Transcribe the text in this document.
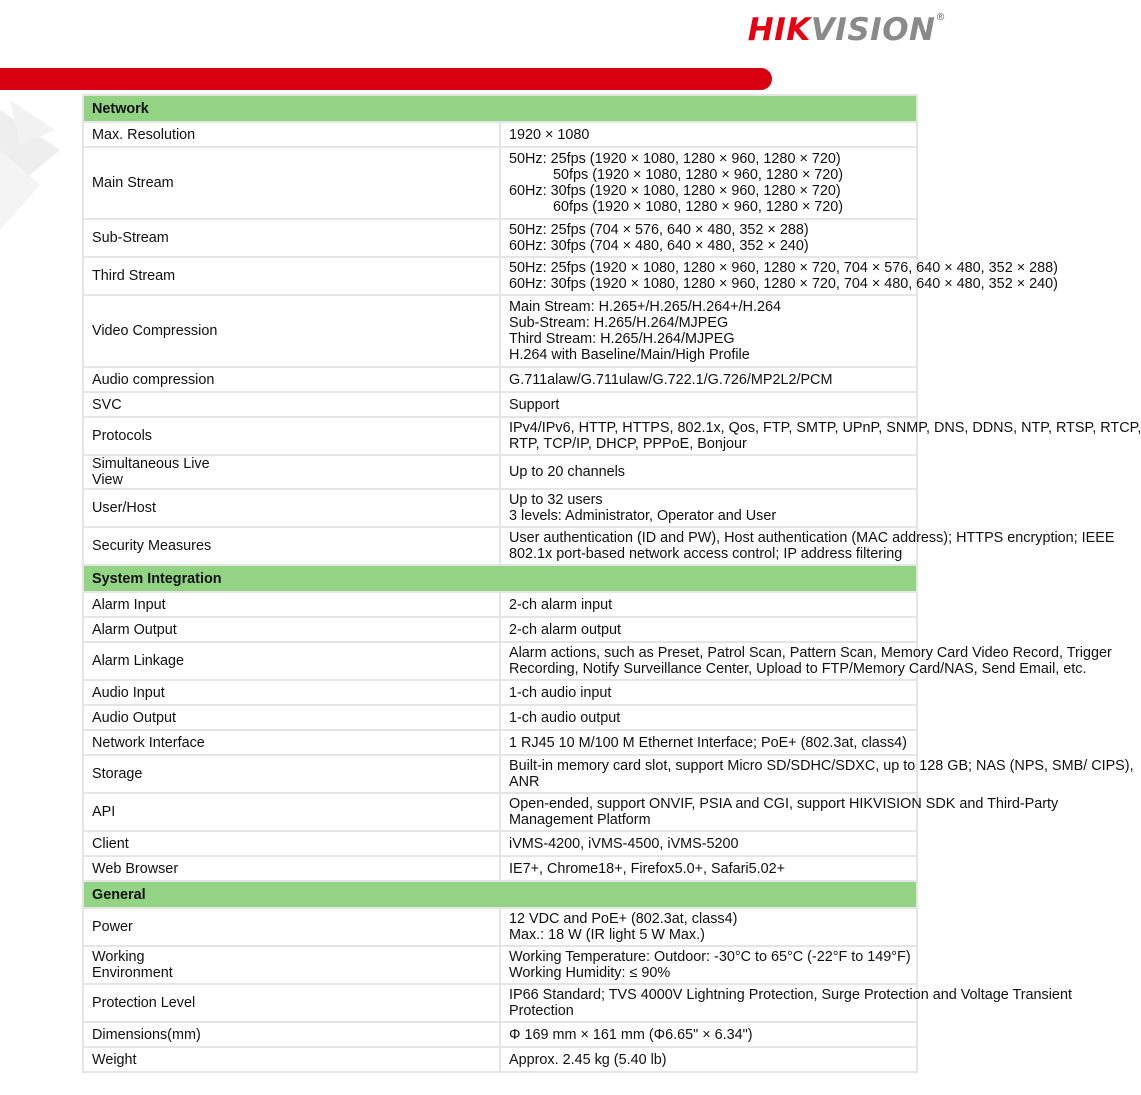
HIKVISION®
Network	
Max. Resolution	1920 × 1080

Main Stream	50Hz: 25fps (1920 × 1080, 1280 × 960, 1280 × 720)
50fps (1920 × 1080, 1280 × 960, 1280 × 720)
60Hz: 30fps (1920 × 1080, 1280 × 960, 1280 × 720)
60fps (1920 × 1080, 1280 × 960, 1280 × 720)

Sub-Stream	50Hz: 25fps (704 × 576, 640 × 480, 352 × 288)
60Hz: 30fps (704 × 480, 640 × 480, 352 × 240)

Third Stream	50Hz: 25fps (1920 × 1080, 1280 × 960, 1280 × 720, 704 × 576, 640 × 480, 352 × 288)
60Hz: 30fps (1920 × 1080, 1280 × 960, 1280 × 720, 704 × 480, 640 × 480, 352 × 240)

Video Compression	Main Stream: H.265+/H.265/H.264+/H.264
Sub-Stream: H.265/H.264/MJPEG
Third Stream: H.265/H.264/MJPEG
H.264 with Baseline/Main/High Profile

Audio compression	G.711alaw/G.711ulaw/G.722.1/G.726/MP2L2/PCM

SVC	Support

Protocols	IPv4/IPv6, HTTP, HTTPS, 802.1x, Qos, FTP, SMTP, UPnP, SNMP, DNS, DDNS, NTP, RTSP, RTCP,
RTP, TCP/IP, DHCP, PPPoE, Bonjour

Simultaneous Live
View	Up to 20 channels

User/Host	Up to 32 users
3 levels: Administrator, Operator and User

Security Measures	User authentication (ID and PW), Host authentication (MAC address); HTTPS encryption; IEEE
802.1x port-based network access control; IP address filtering

System Integration	
Alarm Input	2-ch alarm input

Alarm Output	2-ch alarm output

Alarm Linkage	Alarm actions, such as Preset, Patrol Scan, Pattern Scan, Memory Card Video Record, Trigger
Recording, Notify Surveillance Center, Upload to FTP/Memory Card/NAS, Send Email, etc.

Audio Input	1-ch audio input

Audio Output	1-ch audio output

Network Interface	1 RJ45 10 M/100 M Ethernet Interface; PoE+ (802.3at, class4)

Storage	Built-in memory card slot, support Micro SD/SDHC/SDXC, up to 128 GB; NAS (NPS, SMB/ CIPS),
ANR

API	Open-ended, support ONVIF, PSIA and CGI, support HIKVISION SDK and Third-Party
Management Platform

Client	iVMS-4200, iVMS-4500, iVMS-5200

Web Browser	IE7+, Chrome18+, Firefox5.0+, Safari5.02+

General	
Power	12 VDC and PoE+ (802.3at, class4)
Max.: 18 W (IR light 5 W Max.)

Working
Environment	Working Temperature: Outdoor: -30°C to 65°C (-22°F to 149°F)
Working Humidity: ≤ 90%

Protection Level	IP66 Standard; TVS 4000V Lightning Protection, Surge Protection and Voltage Transient
Protection

Dimensions(mm)	Φ 169 mm × 161 mm (Φ6.65" × 6.34")

Weight	Approx. 2.45 kg (5.40 lb)
